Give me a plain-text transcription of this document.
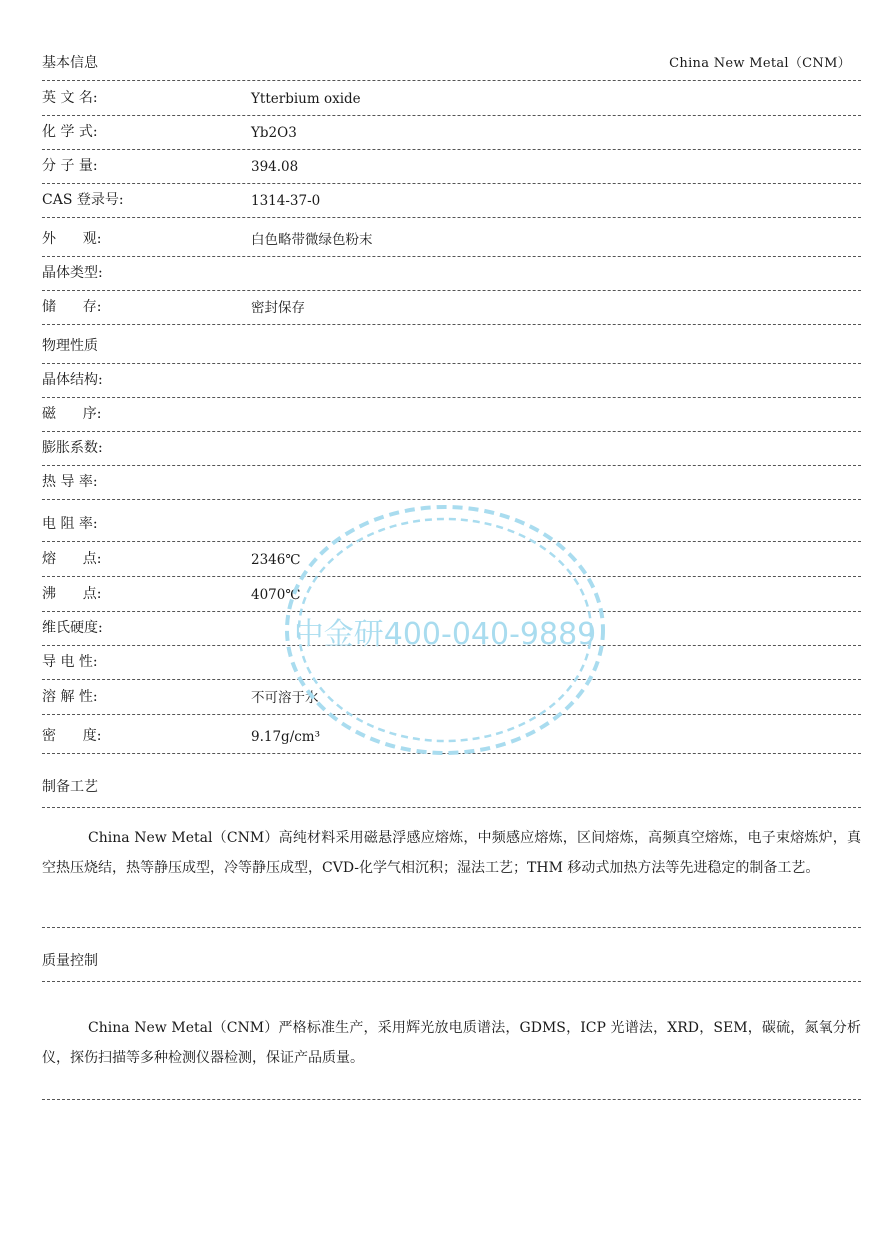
基本信息	China New Metal（CNM）
英 文 名:	Ytterbium oxide
化 学 式:	Yb2O3
分 子 量:	394.08
CAS 登录号:	1314-37-0
外      观:	白色略带微绿色粉末
晶体类型:
储      存:	密封保存
物理性质
晶体结构:
磁      序:
膨胀系数:
热 导 率:
电 阻 率:
熔      点:	2346℃
沸      点:	4070℃
维氏硬度:
导 电 性:
溶 解 性:	不可溶于水
密      度:	9.17g/cm³
制备工艺

China New Metal（CNM）高纯材料采用磁悬浮感应熔炼，中频感应熔炼，区间熔炼，高频真空熔炼，电子束熔炼炉，真空热压烧结，热等静压成型，冷等静压成型，CVD-化学气相沉积；湿法工艺；THM 移动式加热方法等先进稳定的制备工艺。

质量控制

China New Metal（CNM）严格标准生产，采用辉光放电质谱法，GDMS，ICP 光谱法，XRD，SEM，碳硫，氮氧分析仪，探伤扫描等多种检测仪器检测，保证产品质量。

中金研400-040-9889
